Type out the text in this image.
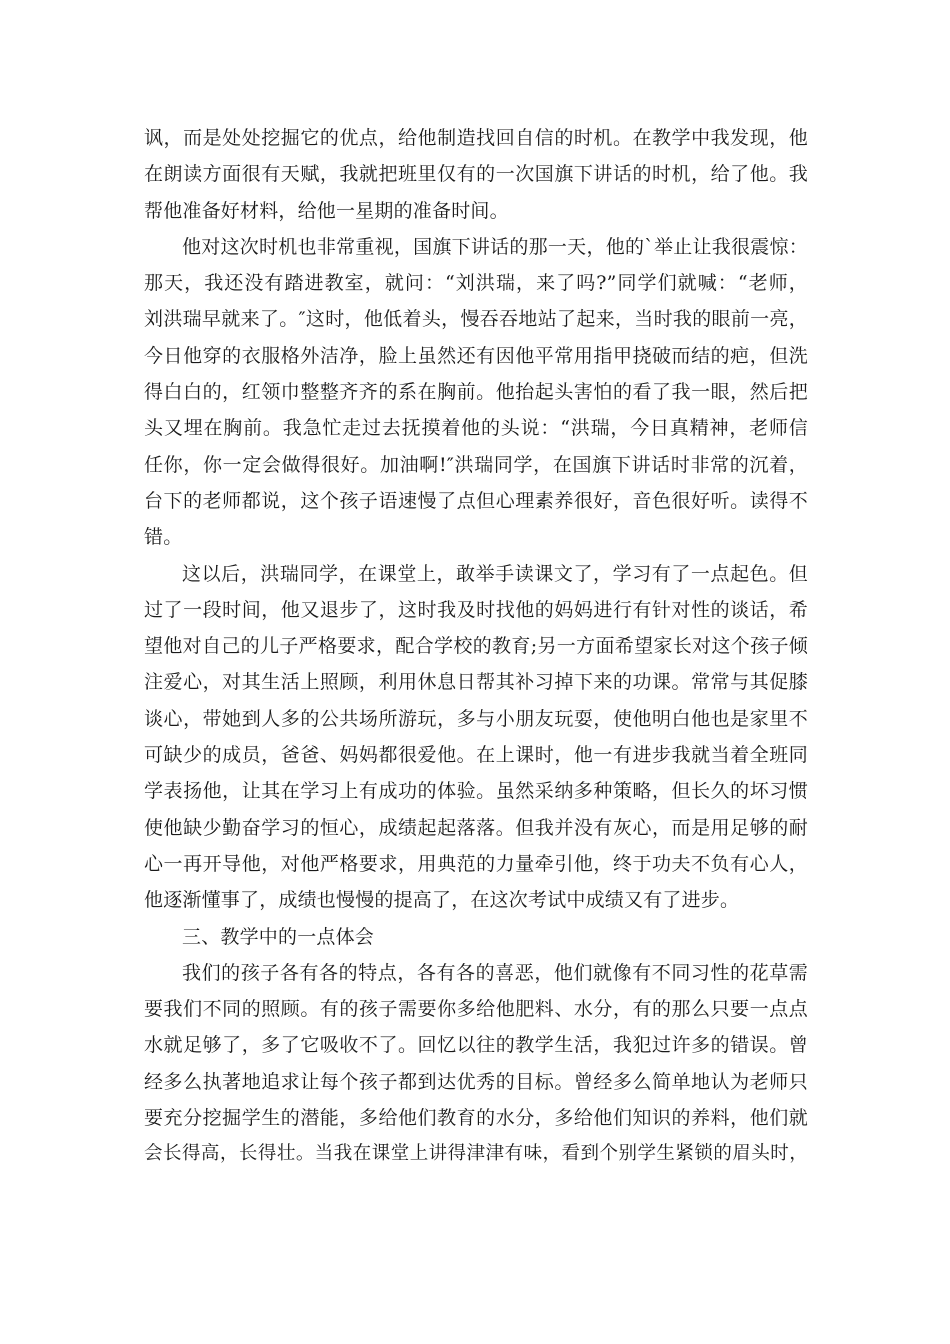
讽，而是处处挖掘它的优点，给他制造找回自信的时机。在教学中我发现，他
在朗读方面很有天赋，我就把班里仅有的一次国旗下讲话的时机，给了他。我
帮他准备好材料，给他一星期的准备时间。
他对这次时机也非常重视，国旗下讲话的那一天，他的`举止让我很震惊：
那天，我还没有踏进教室，就问：“刘洪瑞，来了吗?”同学们就喊：“老师，
刘洪瑞早就来了。″这时，他低着头，慢吞吞地站了起来，当时我的眼前一亮，
今日他穿的衣服格外洁净，脸上虽然还有因他平常用指甲挠破而结的疤，但洗
得白白的，红领巾整整齐齐的系在胸前。他抬起头害怕的看了我一眼，然后把
头又埋在胸前。我急忙走过去抚摸着他的头说：“洪瑞，今日真精神，老师信
任你，你一定会做得很好。加油啊!″洪瑞同学，在国旗下讲话时非常的沉着，
台下的老师都说，这个孩子语速慢了点但心理素养很好，音色很好听。读得不
错。
这以后，洪瑞同学，在课堂上，敢举手读课文了，学习有了一点起色。但
过了一段时间，他又退步了，这时我及时找他的妈妈进行有针对性的谈话，希
望他对自己的儿子严格要求，配合学校的教育;另一方面希望家长对这个孩子倾
注爱心，对其生活上照顾，利用休息日帮其补习掉下来的功课。常常与其促膝
谈心，带她到人多的公共场所游玩，多与小朋友玩耍，使他明白他也是家里不
可缺少的成员，爸爸、妈妈都很爱他。在上课时，他一有进步我就当着全班同
学表扬他，让其在学习上有成功的体验。虽然采纳多种策略，但长久的坏习惯
使他缺少勤奋学习的恒心，成绩起起落落。但我并没有灰心，而是用足够的耐
心一再开导他，对他严格要求，用典范的力量牵引他，终于功夫不负有心人，
他逐渐懂事了，成绩也慢慢的提高了，在这次考试中成绩又有了进步。
三、教学中的一点体会
我们的孩子各有各的特点，各有各的喜恶，他们就像有不同习性的花草需
要我们不同的照顾。有的孩子需要你多给他肥料、水分，有的那么只要一点点
水就足够了，多了它吸收不了。回忆以往的教学生活，我犯过许多的错误。曾
经多么执著地追求让每个孩子都到达优秀的目标。曾经多么简单地认为老师只
要充分挖掘学生的潜能，多给他们教育的水分，多给他们知识的养料，他们就
会长得高，长得壮。当我在课堂上讲得津津有味，看到个别学生紧锁的眉头时，
